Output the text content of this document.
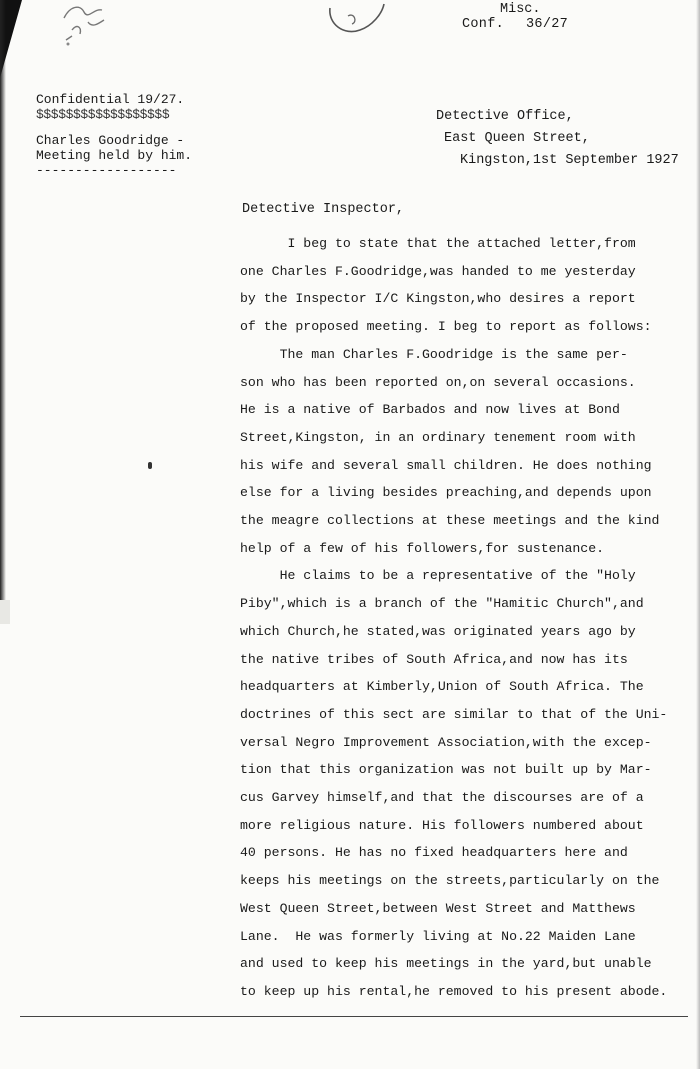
Misc.
Conf. 36/27
Confidential 19/27.
$$$$$$$$$$$$$$$$$$
Charles Goodridge -
Meeting held by him.
------------------
Detective Office,
East Queen Street,
Kingston,1st September 1927
Detective Inspector,
I beg to state that the attached letter,from
one Charles F.Goodridge,was handed to me yesterday
by the Inspector I/C Kingston,who desires a report
of the proposed meeting. I beg to report as follows:
The man Charles F.Goodridge is the same per-
son who has been reported on,on several occasions.
He is a native of Barbados and now lives at Bond
Street,Kingston, in an ordinary tenement room with
his wife and several small children. He does nothing
else for a living besides preaching,and depends upon
the meagre collections at these meetings and the kind
help of a few of his followers,for sustenance.
He claims to be a representative of the "Holy
Piby",which is a branch of the "Hamitic Church",and
which Church,he stated,was originated years ago by
the native tribes of South Africa,and now has its
headquarters at Kimberly,Union of South Africa. The
doctrines of this sect are similar to that of the Uni-
versal Negro Improvement Association,with the excep-
tion that this organization was not built up by Mar-
cus Garvey himself,and that the discourses are of a
more religious nature. His followers numbered about
40 persons. He has no fixed headquarters here and
keeps his meetings on the streets,particularly on the
West Queen Street,between West Street and Matthews
Lane.  He was formerly living at No.22 Maiden Lane
and used to keep his meetings in the yard,but unable
to keep up his rental,he removed to his present abode.
